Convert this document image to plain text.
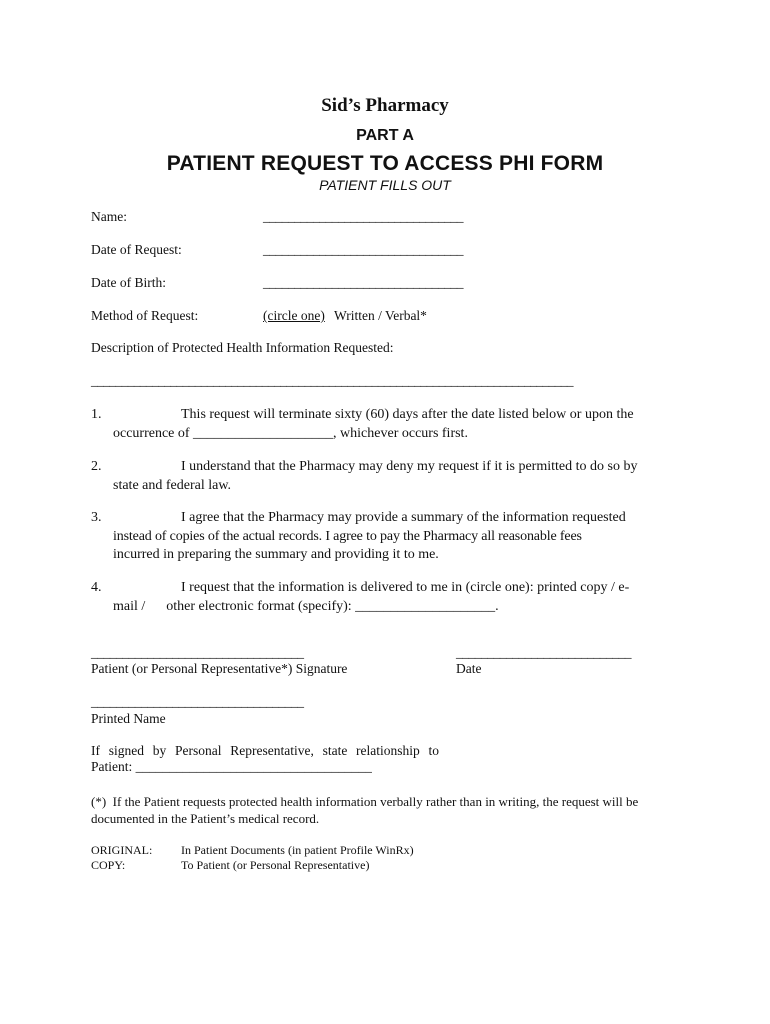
Sid’s Pharmacy
PART A
PATIENT REQUEST TO ACCESS PHI FORM
PATIENT FILLS OUT
Name:	________________________________
Date of Request:	________________________________
Date of Birth:	________________________________
Method of Request:	(circle one) Written / Verbal*
Description of Protected Health Information Requested:
_______________________________________________________________________________
1.	This request will terminate sixty (60) days after the date listed below or upon the
occurrence of ____________________, whichever occurs first.
2.	I understand that the Pharmacy may deny my request if it is permitted to do so by
state and federal law.
3.	I agree that the Pharmacy may provide a summary of the information requested
instead of copies of the actual records. I agree to pay the Pharmacy all reasonable fees
incurred in preparing the summary and providing it to me.
4.	I request that the information is delivered to me in (circle one): printed copy / e-
mail /      other electronic format (specify): ____________________.
__________________________________
Patient (or Personal Representative*) Signature
____________________________
Date
__________________________________
Printed Name
If  signed  by  Personal  Representative,  state  relationship  to
Patient: ___________________________________
(*)  If the Patient requests protected health information verbally rather than in writing, the request will be
documented in the Patient’s medical record.
ORIGINAL: In Patient Documents (in patient Profile WinRx)
COPY:	To Patient (or Personal Representative)
